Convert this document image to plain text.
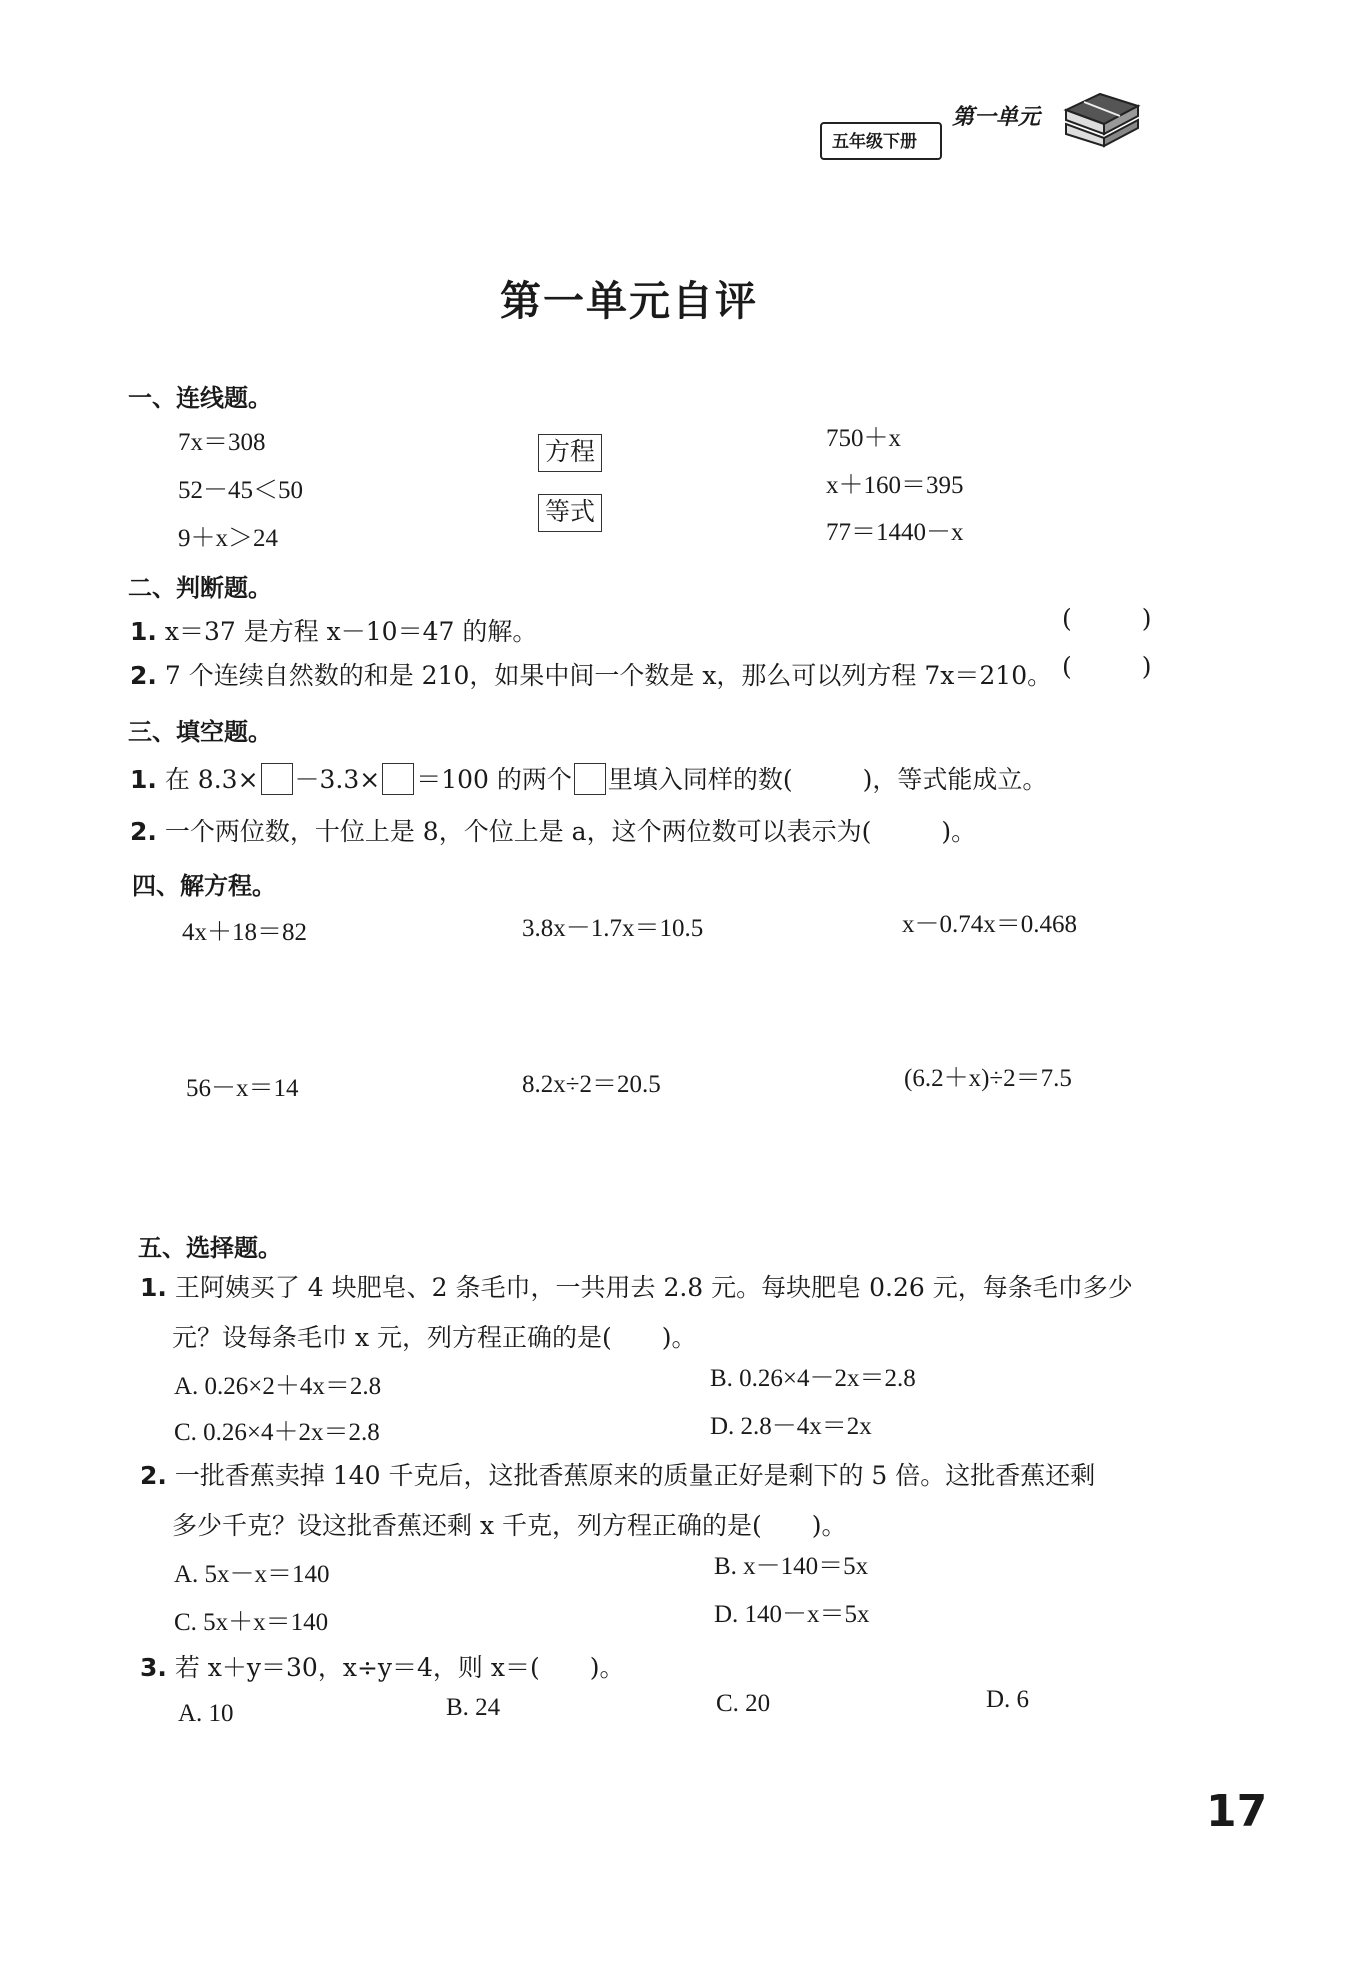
五年级下册
第一单元
第一单元自评
一、连线题。
7x＝308
52－45＜50
9＋x＞24
方程
等式
750＋x
x＋160＝395
77＝1440－x
二、判断题。
1. x＝37 是方程 x－10＝47 的解。	(	)
2. 7 个连续自然数的和是 210，如果中间一个数是 x，那么可以列方程 7x＝210。 (	)
三、填空题。
1. 在 8.3× －3.3× ＝100 的两个 里填入同样的数(	)，等式能成立。
2. 一个两位数，十位上是 8，个位上是 a，这个两位数可以表示为(	)。
四、解方程。
4x＋18＝82	3.8x－1.7x＝10.5	x－0.74x＝0.468
56－x＝14	8.2x÷2＝20.5	(6.2＋x)÷2＝7.5
五、选择题。
1. 王阿姨买了 4 块肥皂、2 条毛巾，一共用去 2.8 元。每块肥皂 0.26 元，每条毛巾多少
元？设每条毛巾 x 元，列方程正确的是( )。
A. 0.26×2＋4x＝2.8	B. 0.26×4－2x＝2.8
C. 0.26×4＋2x＝2.8	D. 2.8－4x＝2x
2. 一批香蕉卖掉 140 千克后，这批香蕉原来的质量正好是剩下的 5 倍。这批香蕉还剩
多少千克？设这批香蕉还剩 x 千克，列方程正确的是( )。
A. 5x－x＝140	B. x－140＝5x
C. 5x＋x＝140	D. 140－x＝5x
3. 若 x＋y＝30，x÷y＝4，则 x＝( )。
A. 10	B. 24	C. 20	D. 6
17
